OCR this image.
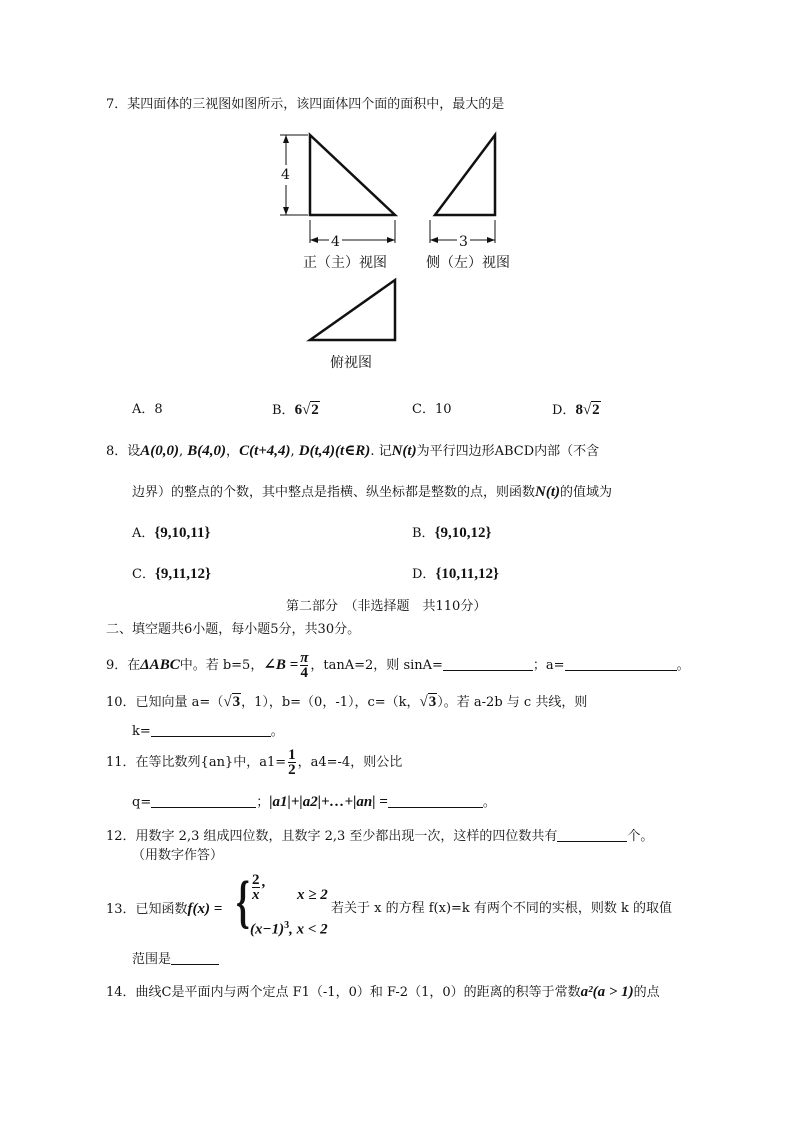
7．某四面体的三视图如图所示，该四面体四个面的面积中，最大的是
4	3
4
正（主）视图	侧（左）视图
俯视图
A．8	B．6√2	C．10	D．8√2
8．设A(0,0), B(4,0)，C(t+4,4), D(t,4)(t∈R). 记N(t)为平行四边形ABCD内部（不含
边界）的整点的个数，其中整点是指横、纵坐标都是整数的点，则函数N(t)的值域为
A．{9,10,11}	B．{9,10,12}
C．{9,11,12}	D．{10,11,12}
第二部分　（非选择题　共110分）
二、填空题共6小题，每小题5分，共30分。
9．在ΔABC中。若 b=5，∠B = $\frac{\pi}{4}$ ，tanA=2，则 sinA=	；a=	。
10．已知向量 a=（√3，1），b=（0，-1），c=（k，√3）。若 a-2b 与 c 共线，则
k=	。
11．在等比数列{an}中，$a1= \frac{1}{2}$ ，a4=-4，则公比
q=	；|a1|+|a2|+…+|an| =	。
12．用数字 2,3 组成四位数，且数字 2,3 至少都出现一次，这样的四位数共有	个。
（用数字作答）
13．已知函数f(x) = { $\frac{2}{x}$ ,
x ≥ 2
$(x-1)^3$, x < 2
若关于 x 的方程 f(x)=k 有两个不同的实根，则数 k 的取值
范围是
14．曲线C是平面内与两个定点 F1（-1，0）和 F-2（1，0）的距离的积等于常数a²(a > 1)的点
